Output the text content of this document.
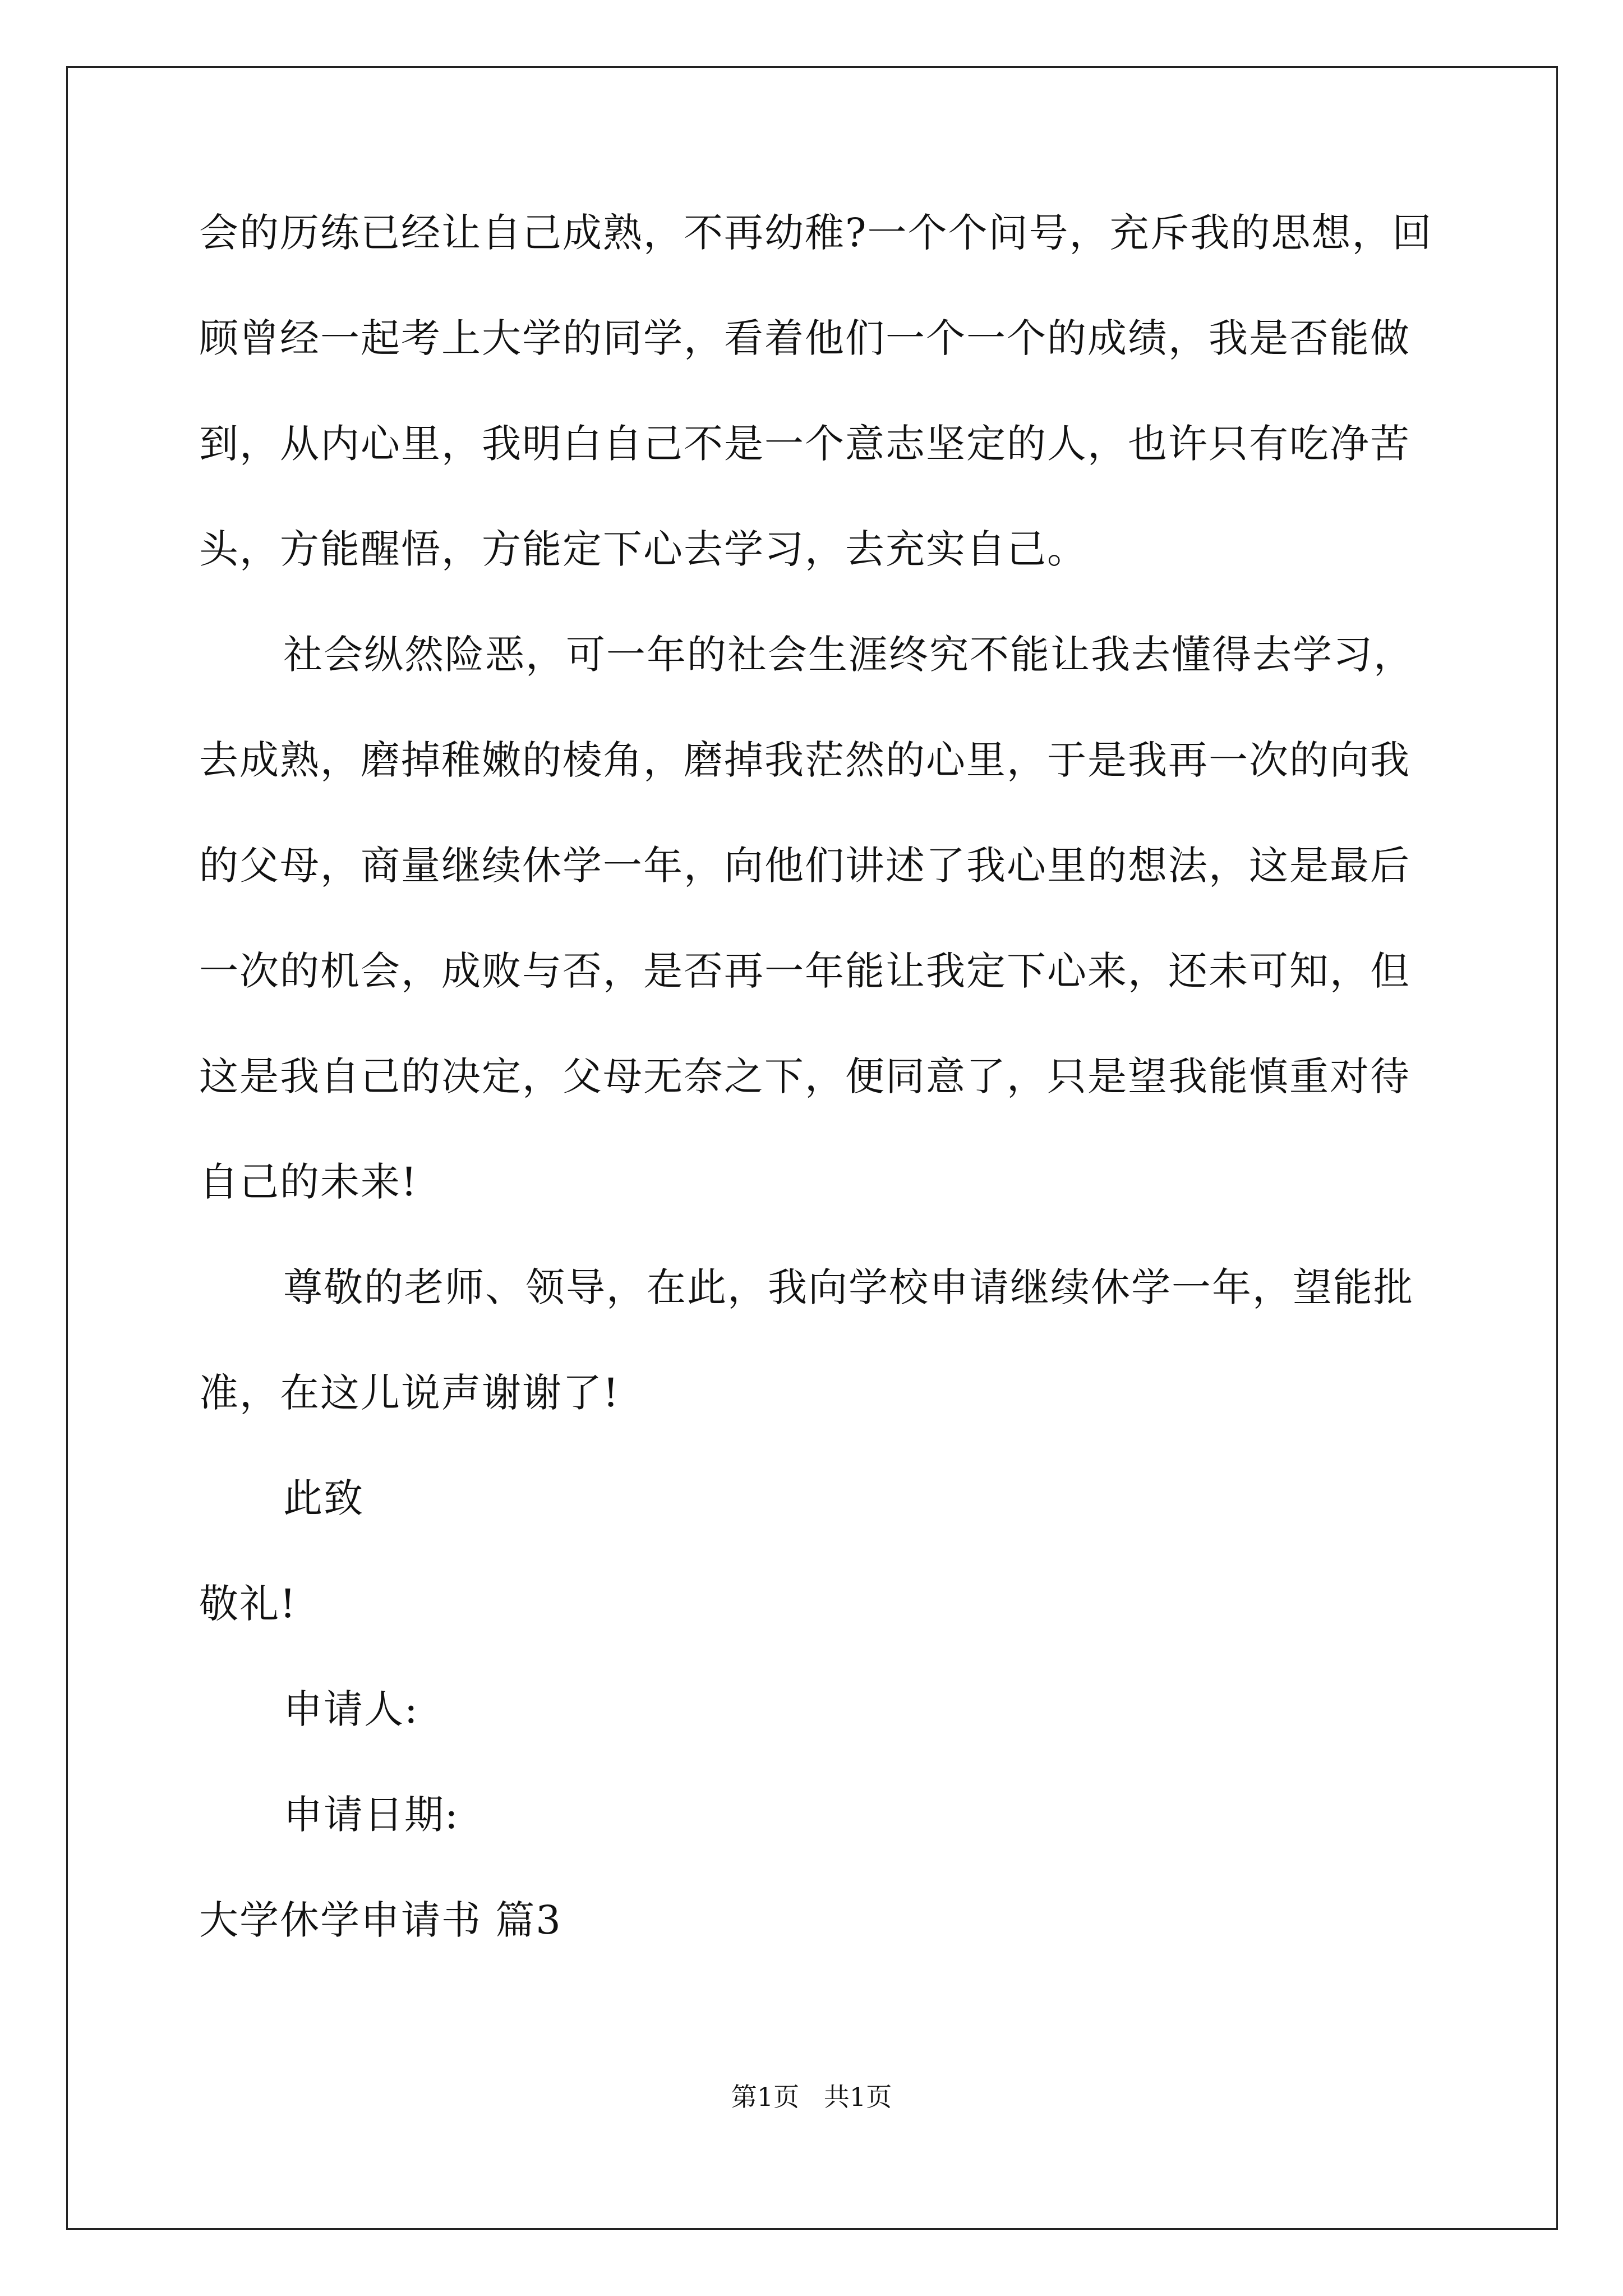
会的历练已经让自己成熟，不再幼稚?一个个问号，充斥我的思想，回
顾曾经一起考上大学的同学，看着他们一个一个的成绩，我是否能做
到，从内心里，我明白自己不是一个意志坚定的人，也许只有吃净苦
头，方能醒悟，方能定下心去学习，去充实自己。
社会纵然险恶，可一年的社会生涯终究不能让我去懂得去学习，
去成熟，磨掉稚嫩的棱角，磨掉我茫然的心里，于是我再一次的向我
的父母，商量继续休学一年，向他们讲述了我心里的想法，这是最后
一次的机会，成败与否，是否再一年能让我定下心来，还未可知，但
这是我自己的决定，父母无奈之下，便同意了，只是望我能慎重对待
自己的未来!
尊敬的老师、领导，在此，我向学校申请继续休学一年，望能批
准，在这儿说声谢谢了!
此致
敬礼!
申请人:
申请日期:
大学休学申请书 篇3
第1页   共1页
